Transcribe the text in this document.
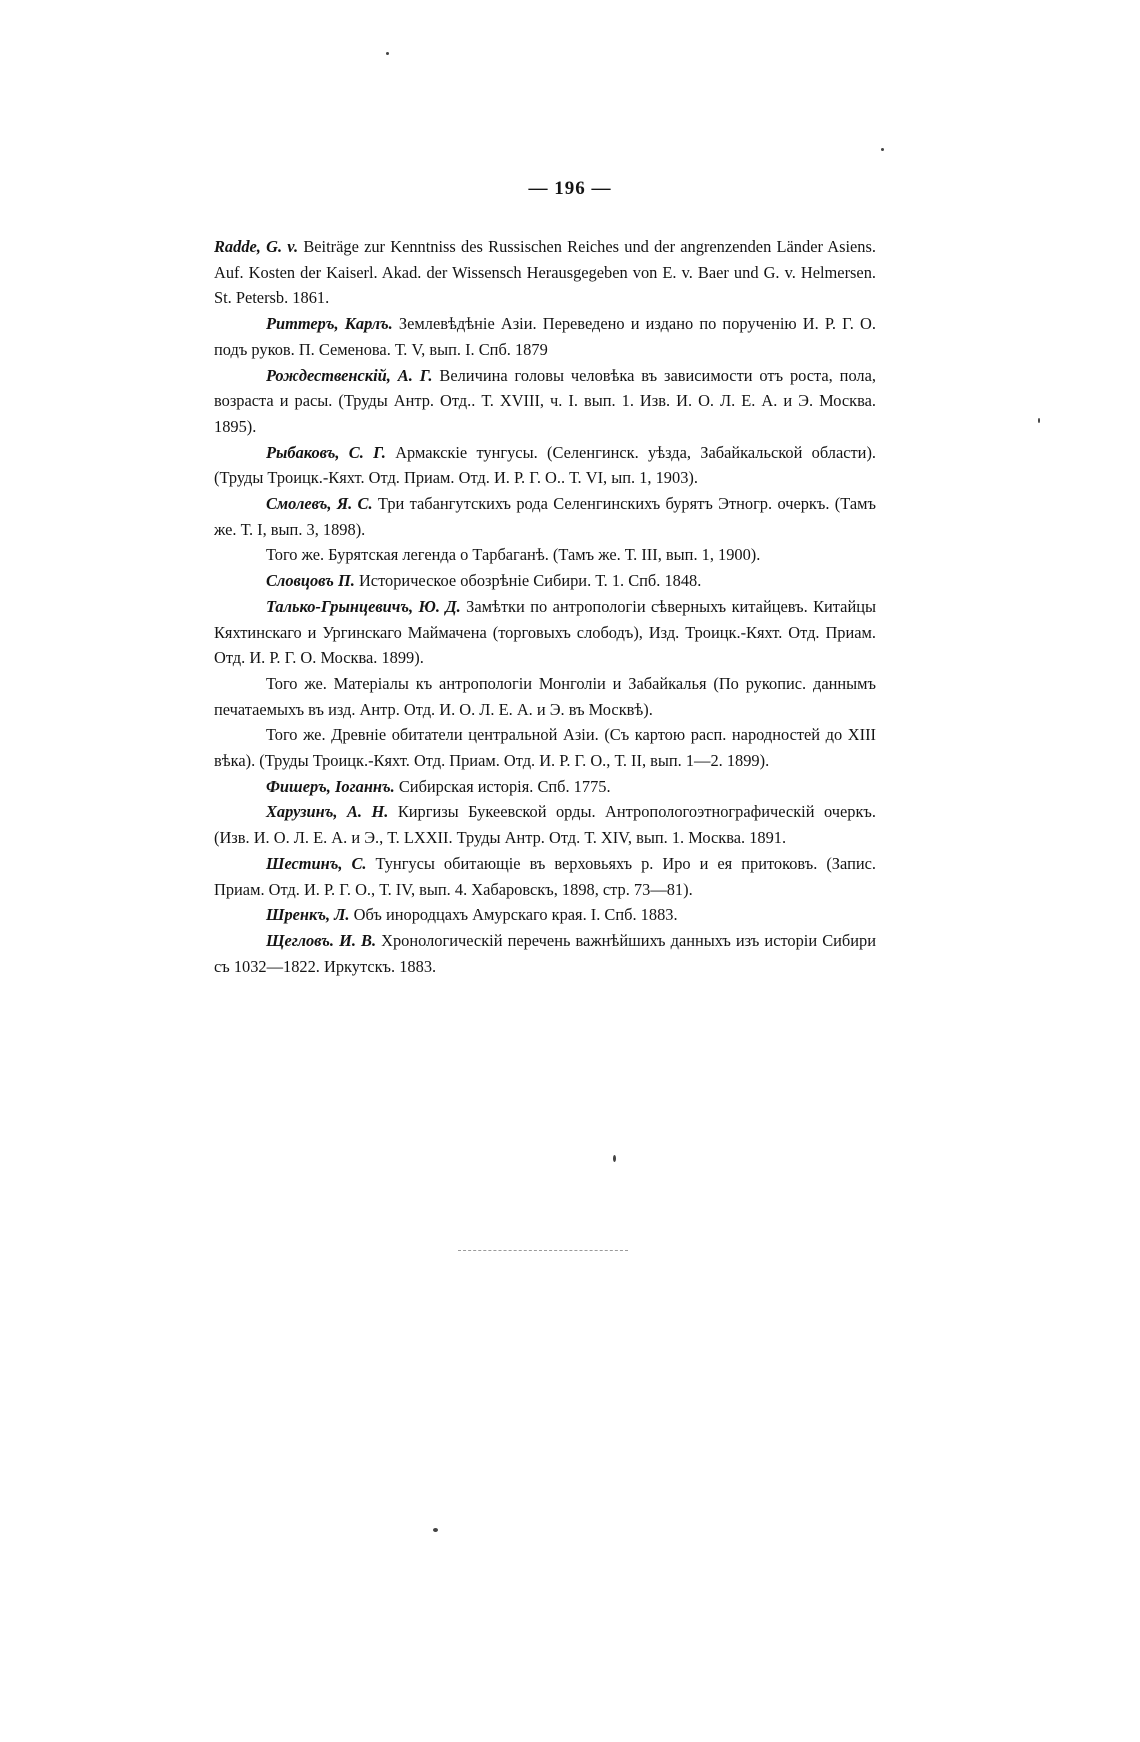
— 196 —

Radde, G. v. Beiträge zur Kenntniss des Russischen Reiches und der angrenzenden Länder Asiens. Auf. Kosten der Kaiserl. Akad. der Wissensch Herausgegeben von E. v. Baer und G. v. Helmersen. St. Petersb. 1861.

Риттеръ, Карлъ. Землевѣдѣніе Азіи. Переведено и издано по порученію И. Р. Г. О. подъ руков. П. Семенова. Т. V, вып. I. Спб. 1879

Рождественскій, А. Г. Величина головы человѣка въ зависимости отъ роста, пола, возраста и расы. (Труды Антр. Отд.. Т. XVIII, ч. I. вып. 1. Изв. И. О. Л. Е. А. и Э. Москва. 1895).

Рыбаковъ, С. Г. Армакскіе тунгусы. (Селенгинск. уѣзда, Забайкальской области). (Труды Троицк.-Кяхт. Отд. Приам. Отд. И. Р. Г. О.. Т. VI, ып. 1, 1903).

Смолевъ, Я. С. Три табангутскихъ рода Селенгинскихъ бурятъ Этногр. очеркъ. (Тамъ же. Т. I, вып. 3, 1898).

Того же. Бурятская легенда о Тарбаганѣ. (Тамъ же. Т. III, вып. 1, 1900).

Словцовъ П. Историческое обозрѣніе Сибири. Т. 1. Спб. 1848.

Талько-Грынцевичъ, Ю. Д. Замѣтки по антропологіи сѣверныхъ китайцевъ. Китайцы Кяхтинскаго и Ургинскаго Маймачена (торговыхъ слободъ), Изд. Троицк.-Кяхт. Отд. Приам. Отд. И. Р. Г. О. Москва. 1899).

Того же. Матеріалы къ антропологіи Монголіи и Забайкалья (По рукопис. даннымъ печатаемыхъ въ изд. Антр. Отд. И. О. Л. Е. А. и Э. въ Москвѣ).

Того же. Древніе обитатели центральной Азіи. (Съ картою расп. народностей до XIII вѣка). (Труды Троицк.-Кяхт. Отд. Приам. Отд. И. Р. Г. О., Т. II, вып. 1—2. 1899).

Фишеръ, Іоганнъ. Сибирская исторія. Спб. 1775.

Харузинъ, А. Н. Киргизы Букеевской орды. Антропологоэтнографическій очеркъ. (Изв. И. О. Л. Е. А. и Э., Т. LXXII. Труды Антр. Отд. Т. XIV, вып. 1. Москва. 1891.

Шестинъ, С. Тунгусы обитающіе въ верховьяхъ р. Иро и ея притоковъ. (Запис. Приам. Отд. И. Р. Г. О., Т. IV, вып. 4. Хабаровскъ, 1898, стр. 73—81).

Шренкъ, Л. Объ инородцахъ Амурскаго края. I. Спб. 1883.

Щегловъ. И. В. Хронологическій перечень важнѣйшихъ данныхъ изъ исторіи Сибири съ 1032—1822. Иркутскъ. 1883.
